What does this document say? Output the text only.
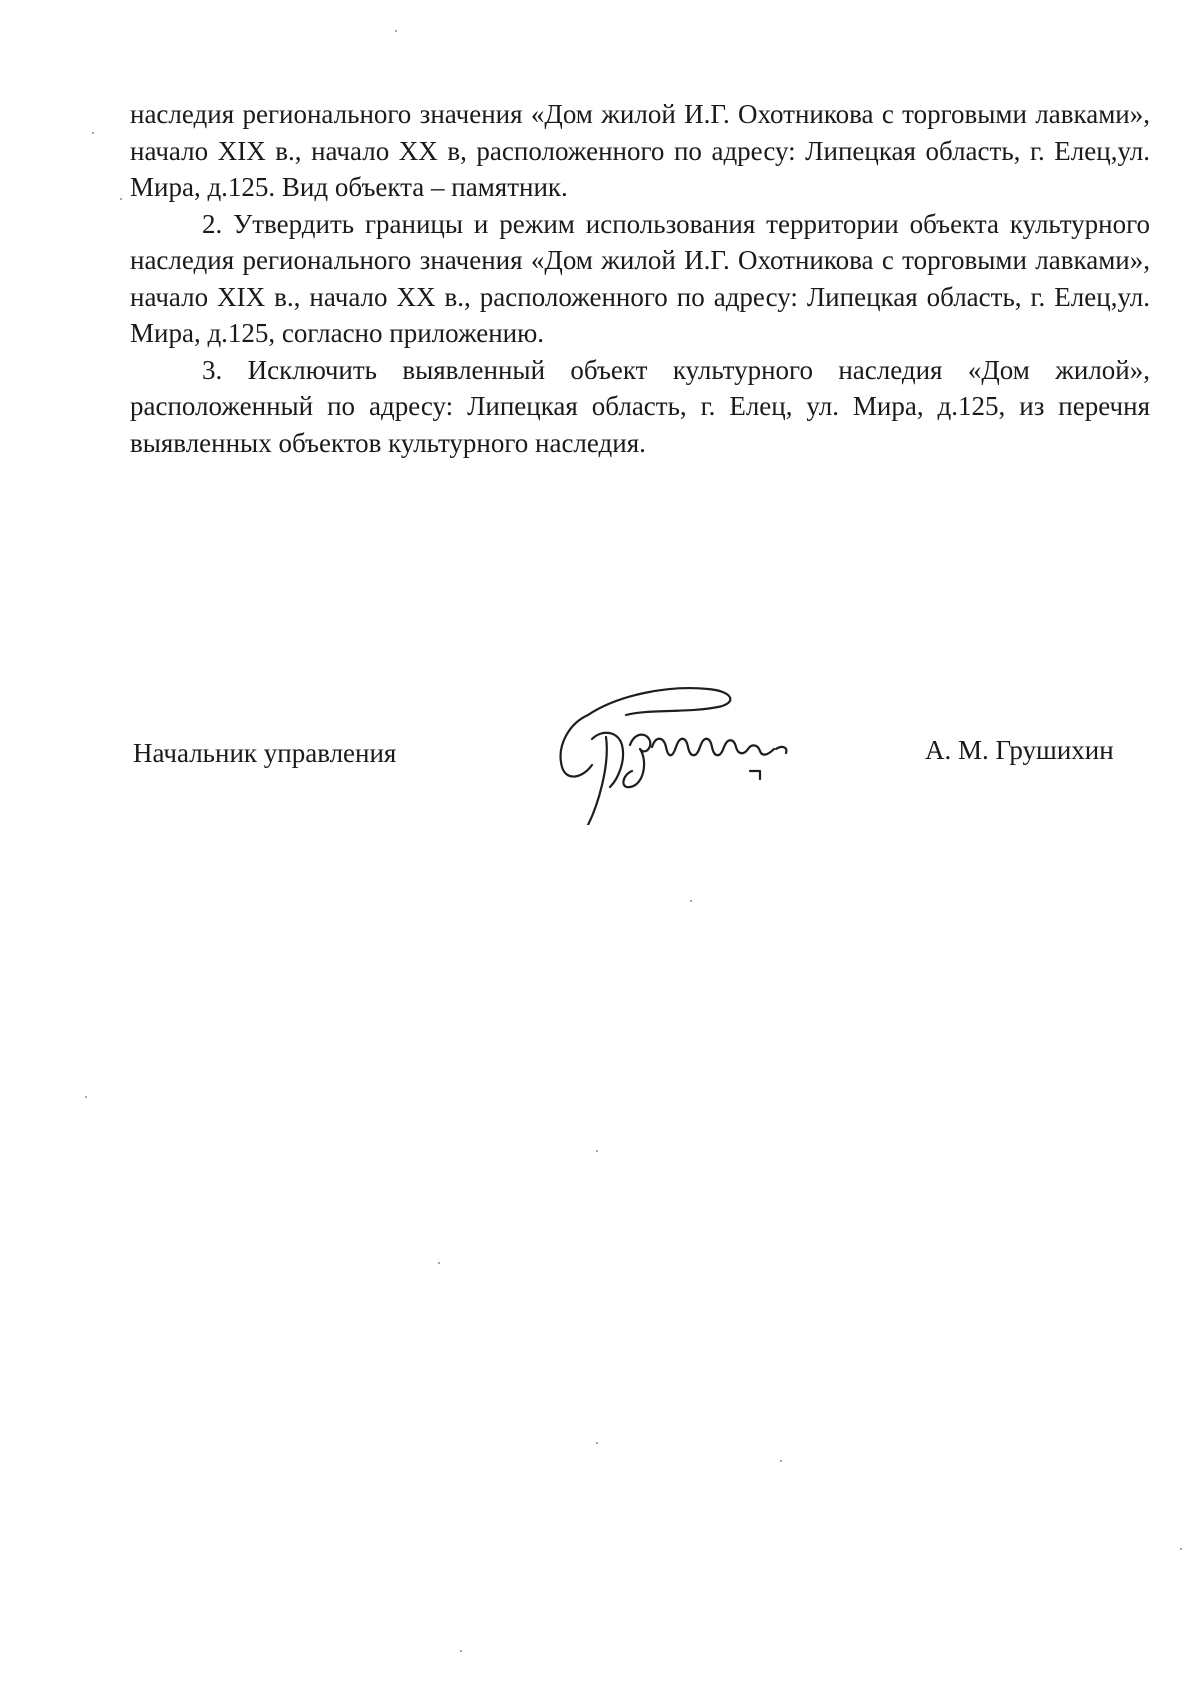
наследия регионального значения «Дом жилой И.Г. Охотникова с торговыми лавками», начало XIX в., начало XX в, расположенного по адресу: Липецкая область, г. Елец,ул. Мира, д.125. Вид объекта – памятник.

2. Утвердить границы и режим использования территории объекта культурного наследия регионального значения «Дом жилой И.Г. Охотникова с торговыми лавками», начало XIX в., начало XX в., расположенного по адресу: Липецкая область, г. Елец,ул. Мира, д.125, согласно приложению.

3. Исключить выявленный объект культурного наследия «Дом жилой», расположенный по адресу: Липецкая область, г. Елец, ул. Мира, д.125, из перечня выявленных объектов культурного наследия.

Начальник управления	А. М. Грушихин
